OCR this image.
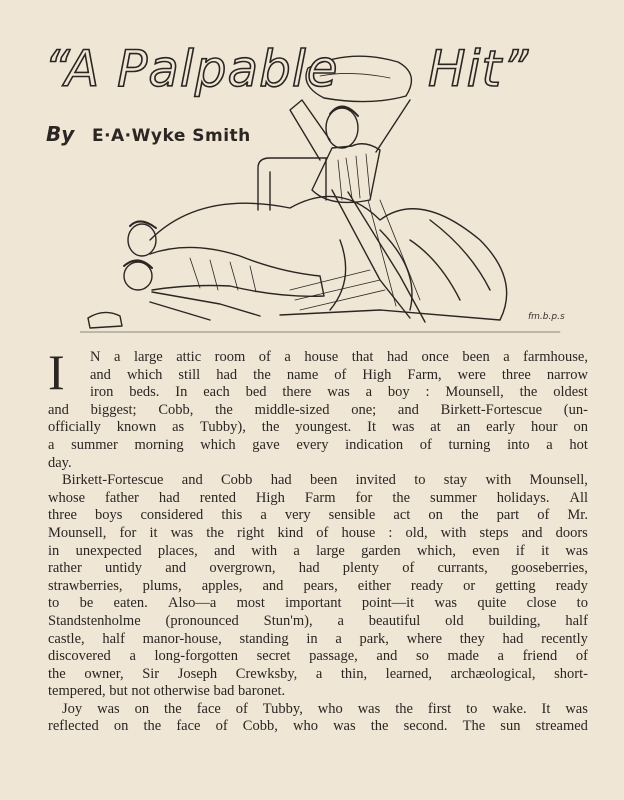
“A Palpable Hit”
By E·A·Wyke Smith
fm.b.p.s
I N a large attic room of a house that had once been a farmhouse,
and which still had the name of High Farm, were three narrow
iron beds. In each bed there was a boy : Mounsell, the oldest
and biggest; Cobb, the middle-sized one; and Birkett-Fortescue (un-
officially known as Tubby), the youngest. It was at an early hour on
a summer morning which gave every indication of turning into a hot
day.
Birkett-Fortescue and Cobb had been invited to stay with Mounsell,
whose father had rented High Farm for the summer holidays. All
three boys considered this a very sensible act on the part of Mr.
Mounsell, for it was the right kind of house : old, with steps and doors
in unexpected places, and with a large garden which, even if it was
rather untidy and overgrown, had plenty of currants, gooseberries,
strawberries, plums, apples, and pears, either ready or getting ready
to be eaten. Also—a most important point—it was quite close to
Standstenholme (pronounced Stun'm), a beautiful old building, half
castle, half manor-house, standing in a park, where they had recently
discovered a long-forgotten secret passage, and so made a friend of
the owner, Sir Joseph Crewksby, a thin, learned, archæological, short-
tempered, but not otherwise bad baronet.
Joy was on the face of Tubby, who was the first to wake. It was
reflected on the face of Cobb, who was the second. The sun streamed
